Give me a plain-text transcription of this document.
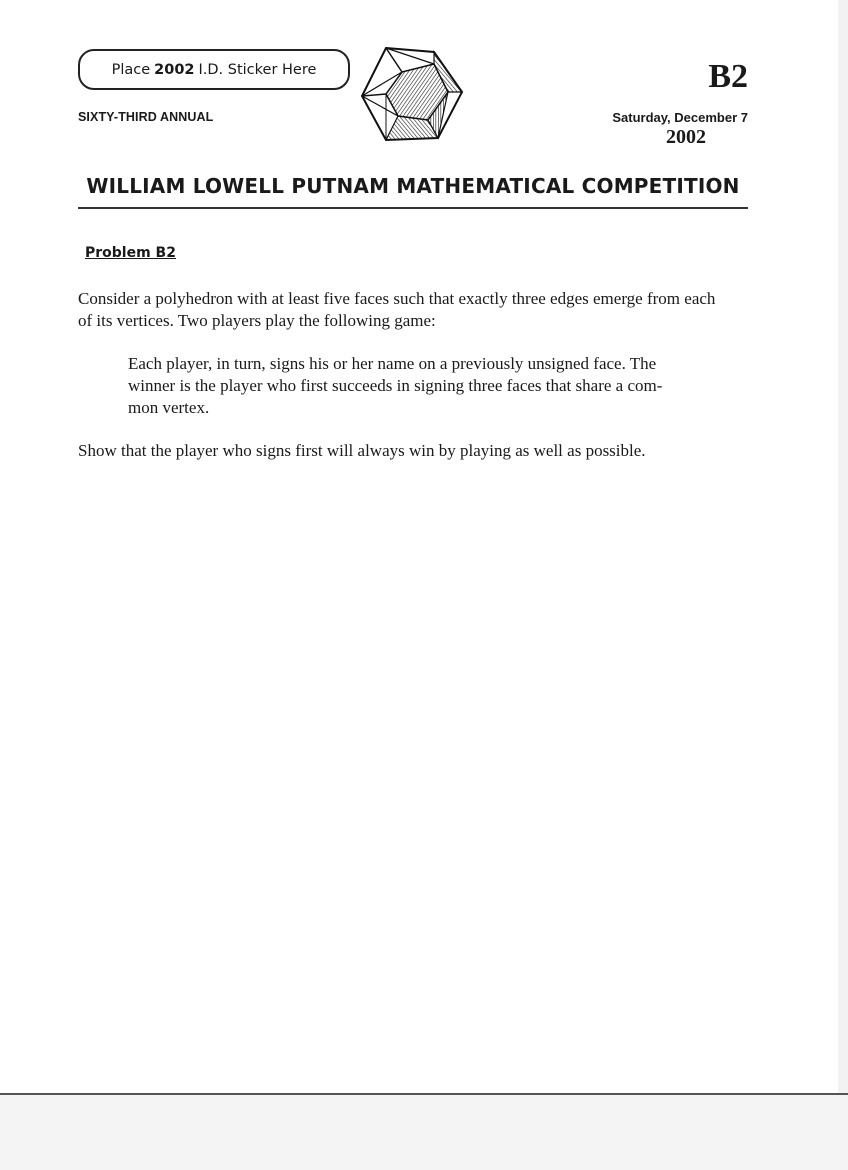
Place 2002 I.D. Sticker Here
SIXTY-THIRD ANNUAL
B2
Saturday, December 7
2002
WILLIAM LOWELL PUTNAM MATHEMATICAL COMPETITION
Problem B2
Consider a polyhedron with at least five faces such that exactly three edges emerge from each
of its vertices. Two players play the following game:
Each player, in turn, signs his or her name on a previously unsigned face. The
winner is the player who first succeeds in signing three faces that share a com-
mon vertex.
Show that the player who signs first will always win by playing as well as possible.
